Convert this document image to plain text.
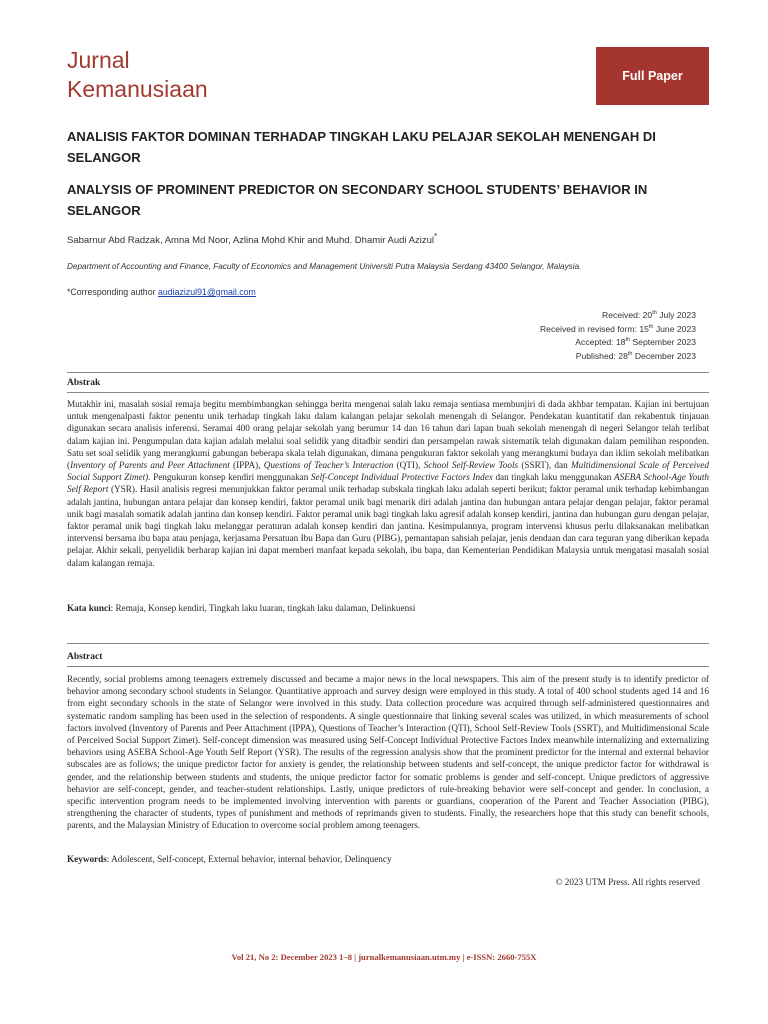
Jurnal
Kemanusiaan	Full Paper
ANALISIS FAKTOR DOMINAN TERHADAP TINGKAH LAKU PELAJAR SEKOLAH MENENGAH DI SELANGOR
ANALYSIS OF PROMINENT PREDICTOR ON SECONDARY SCHOOL STUDENTS’ BEHAVIOR IN SELANGOR
Sabarnur Abd Radzak, Amna Md Noor, Azlina Mohd Khir and Muhd. Dhamir Audi Azizul*
Department of Accounting and Finance, Faculty of Economics and Management Universiti Putra Malaysia Serdang 43400 Selangor, Malaysia.
*Corresponding author audiazizul91@gmail.com
Received: 20th July 2023
Received in revised form: 15th June 2023
Accepted: 18th September 2023
Published: 28th December 2023
Abstrak
Mutakhir ini, masalah sosial remaja begitu membimbangkan sehingga berita mengenai salah laku remaja sentiasa membunjiri di dada akhbar tempatan. Kajian ini bertujuan untuk mengenalpasti faktor penentu unik terhadap tingkah laku dalam kalangan pelajar sekolah menengah di Selangor. Pendekatan kuantitatif dan rekabentuk tinjauan digunakan secara analisis inferensi. Seramai 400 orang pelajar sekolah yang berumur 14 dan 16 tahun dari lapan buah sekolah menengah di negeri Selangor telah terlibat dalam kajian ini. Pengumpulan data kajian adalah melalui soal selidik yang ditadbir sendiri dan persampelan rawak sistematik telah digunakan dalam pemilihan responden. Satu set soal selidik yang merangkumi gabungan beberapa skala telah digunakan, dimana pengukuran faktor sekolah yang merangkumi budaya dan iklim sekolah melibatkan (Inventory of Parents and Peer Attachment (IPPA), Questions of Teacher’s Interaction (QTI), School Self-Review Tools (SSRT), dan Multidimensional Scale of Perceived Social Support Zimet). Pengukuran konsep kendiri menggunakan Self-Concept Individual Protective Factors Index dan tingkah laku menggunakan ASEBA School-Age Youth Self Report (YSR). Hasil analisis regresi menunjukkan faktor peramal unik terhadap subskala tingkah laku adalah seperti berikut; faktor peramal unik terhadap kebimbangan adalah jantina, hubungan antara pelajar dan konsep kendiri, faktor peramal unik bagi menarik diri adalah jantina dan hubungan antara pelajar dengan pelajar, faktor peramal unik bagi masalah somatik adalah jantina dan konsep kendiri. Faktor peramal unik bagi tingkah laku agresif adalah konsep kendiri, jantina dan hubungan guru dengan pelajar, faktor peramal unik bagi tingkah laku melanggar peraturan adalah konsep kendiri dan jantina. Kesimpulannya, program intervensi khusus perlu dilaksanakan melibatkan intervensi bersama ibu bapa atau penjaga, kerjasama Persatuan Ibu Bapa dan Guru (PIBG), pemantapan sahsiah pelajar, jenis dendaan dan cara teguran yang diberikan kepada pelajar. Akhir sekali, penyelidik berharap kajian ini dapat memberi manfaat kepada sekolah, ibu bapa, dan Kementerian Pendidikan Malaysia untuk mengatasi masalah sosial dalam kalangan remaja.
Kata kunci: Remaja, Konsep kendiri, Tingkah laku luaran, tingkah laku dalaman, Delinkuensi
Abstract
Recently, social problems among teenagers extremely discussed and became a major news in the local newspapers. This aim of the present study is to identify predictor of behavior among secondary school students in Selangor. Quantitative approach and survey design were employed in this study. A total of 400 school students aged 14 and 16 from eight secondary schools in the state of Selangor were involved in this study. Data collection procedure was acquired through self-administered questionnaires and systematic random sampling has been used in the selection of respondents. A single questionnaire that linking several scales was utilized, in which measurements of school factors involved (Inventory of Parents and Peer Attachment (IPPA), Questions of Teacher’s Interaction (QTI), School Self-Review Tools (SSRT), and Multidimensional Scale of Perceived Social Support Zimet). Self-concept dimension was measured using Self-Concept Individual Protective Factors Index meanwhile internalizing and externalizing behaviors using ASEBA School-Age Youth Self Report (YSR). The results of the regression analysis show that the prominent predictor for the internal and external behavior subscales are as follows; the unique predictor factor for anxiety is gender, the relationship between students and self-concept, the unique predictor factor for withdrawal is gender, and the relationship between students and students, the unique predictor factor for somatic problems is gender and self-concept. Unique predictors of aggressive behavior are self-concept, gender, and teacher-student relationships. Lastly, unique predictors of rule-breaking behavior were self-concept and gender. In conclusion, a specific intervention program needs to be implemented involving intervention with parents or guardians, cooperation of the Parent and Teacher Association (PIBG), strengthening the character of students, types of punishment and methods of reprimands given to students. Finally, the researchers hope that this study can benefit schools, parents, and the Malaysian Ministry of Education to overcome social problem among teenagers.
Keywords: Adolescent, Self-concept, External behavior, internal behavior, Delinquency
© 2023 UTM Press. All rights reserved
Vol 21, No 2: December 2023 1–8 | jurnalkemanusiaan.utm.my | e-ISSN: 2660-755X
